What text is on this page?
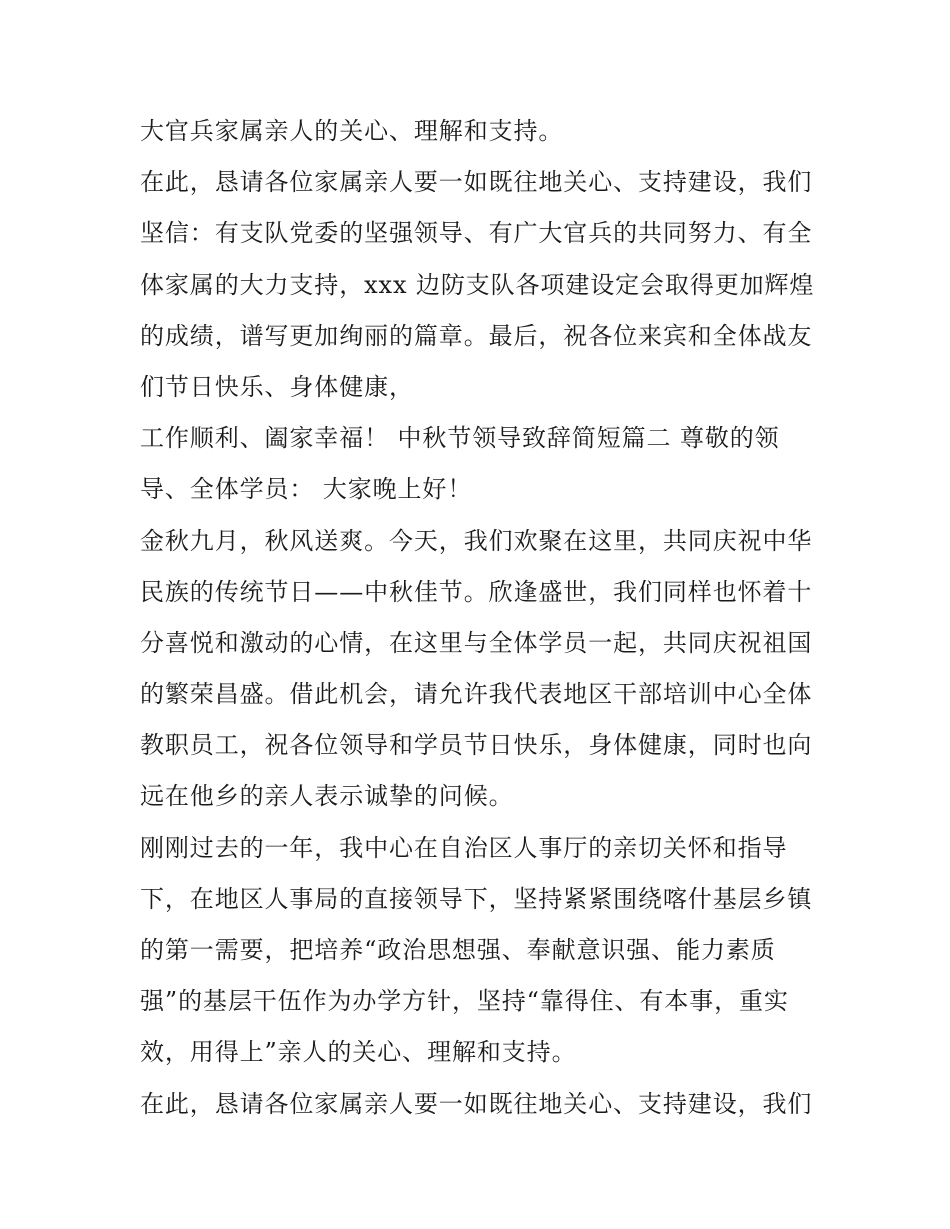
大官兵家属亲人的关心、理解和支持。
在此，恳请各位家属亲人要一如既往地关心、支持建设，我们
坚信：有支队党委的坚强领导、有广大官兵的共同努力、有全
体家属的大力支持，xxx 边防支队各项建设定会取得更加辉煌
的成绩，谱写更加绚丽的篇章。最后，祝各位来宾和全体战友
们节日快乐、身体健康，
工作顺利、阖家幸福！ 中秋节领导致辞简短篇二 尊敬的领
导、全体学员： 大家晚上好！
金秋九月，秋风送爽。今天，我们欢聚在这里，共同庆祝中华
民族的传统节日——中秋佳节。欣逢盛世，我们同样也怀着十
分喜悦和激动的心情，在这里与全体学员一起，共同庆祝祖国
的繁荣昌盛。借此机会，请允许我代表地区干部培训中心全体
教职员工，祝各位领导和学员节日快乐，身体健康，同时也向
远在他乡的亲人表示诚挚的问候。
刚刚过去的一年，我中心在自治区人事厅的亲切关怀和指导
下，在地区人事局的直接领导下，坚持紧紧围绕喀什基层乡镇
的第一需要，把培养“政治思想强、奉献意识强、能力素质
强”的基层干伍作为办学方针，坚持“靠得住、有本事，重实
效，用得上”亲人的关心、理解和支持。
在此，恳请各位家属亲人要一如既往地关心、支持建设，我们
